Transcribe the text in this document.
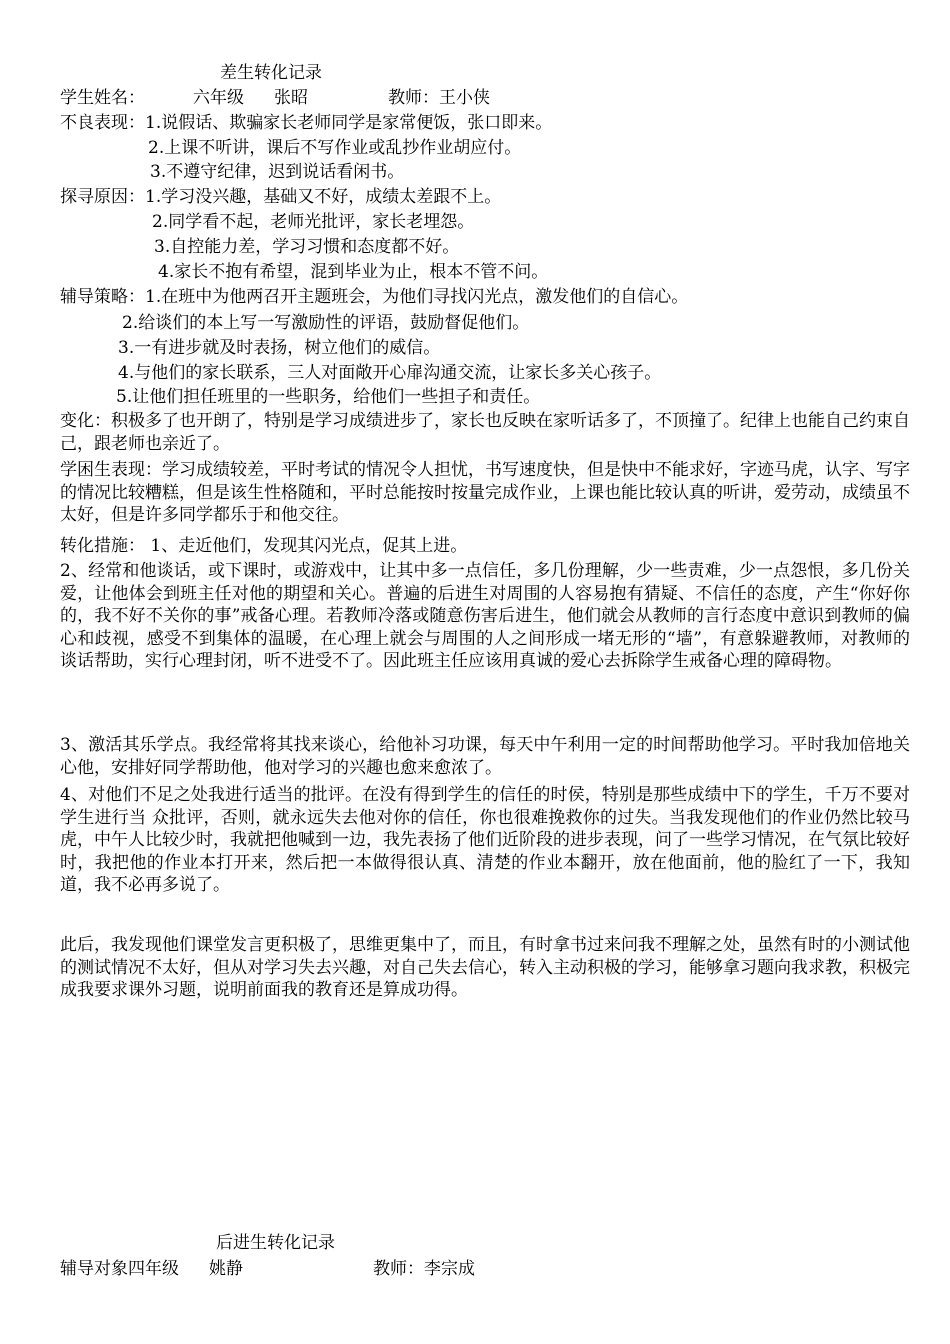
差生转化记录
学生姓名：	六年级 张昭	教师：王小侠
不良表现：1.说假话、欺骗家长老师同学是家常便饭，张口即来。
2.上课不听讲，课后不写作业或乱抄作业胡应付。
3.不遵守纪律，迟到说话看闲书。
探寻原因：1.学习没兴趣，基础又不好，成绩太差跟不上。
2.同学看不起，老师光批评，家长老埋怨。
3.自控能力差，学习习惯和态度都不好。
4.家长不抱有希望，混到毕业为止，根本不管不问。
辅导策略：1.在班中为他两召开主题班会，为他们寻找闪光点，激发他们的自信心。
2.给谈们的本上写一写激励性的评语，鼓励督促他们。
3.一有进步就及时表扬，树立他们的威信。
4.与他们的家长联系，三人对面敞开心扉沟通交流，让家长多关心孩子。
5.让他们担任班里的一些职务，给他们一些担子和责任。
变化：积极多了也开朗了，特别是学习成绩进步了，家长也反映在家听话多了，不顶撞了。纪律上也能自己约束自己，跟老师也亲近了。
学困生表现：学习成绩较差，平时考试的情况令人担忧，书写速度快，但是快中不能求好，字迹马虎，认字、写字的情况比较糟糕，但是该生性格随和，平时总能按时按量完成作业，上课也能比较认真的听讲，爱劳动，成绩虽不太好，但是许多同学都乐于和他交往。
转化措施： 1、走近他们，发现其闪光点，促其上进。
2、经常和他谈话，或下课时，或游戏中，让其中多一点信任，多几份理解，少一些责难，少一点怨恨，多几份关爱，让他体会到班主任对他的期望和关心。普遍的后进生对周围的人容易抱有猜疑、不信任的态度，产生“你好你的，我不好不关你的事”戒备心理。若教师冷落或随意伤害后进生，他们就会从教师的言行态度中意识到教师的偏心和歧视，感受不到集体的温暖，在心理上就会与周围的人之间形成一堵无形的“墙”，有意躲避教师，对教师的谈话帮助，实行心理封闭，听不进受不了。因此班主任应该用真诚的爱心去拆除学生戒备心理的障碍物。
3、激活其乐学点。我经常将其找来谈心，给他补习功课，每天中午利用一定的时间帮助他学习。平时我加倍地关心他，安排好同学帮助他，他对学习的兴趣也愈来愈浓了。
4、对他们不足之处我进行适当的批评。在没有得到学生的信任的时侯，特别是那些成绩中下的学生，千万不要对学生进行当 众批评，否则，就永远失去他对你的信任，你也很难挽救你的过失。当我发现他们的作业仍然比较马虎，中午人比较少时，我就把他喊到一边，我先表扬了他们近阶段的进步表现，问了一些学习情况，在气氛比较好时，我把他的作业本打开来，然后把一本做得很认真、清楚的作业本翻开，放在他面前，他的脸红了一下，我知道，我不必再多说了。
此后，我发现他们课堂发言更积极了，思维更集中了，而且，有时拿书过来问我不理解之处，虽然有时的小测试他的测试情况不太好，但从对学习失去兴趣，对自己失去信心，转入主动积极的学习，能够拿习题向我求教，积极完成我要求课外习题，说明前面我的教育还是算成功得。
后进生转化记录
辅导对象四年级 姚静	教师：李宗成
